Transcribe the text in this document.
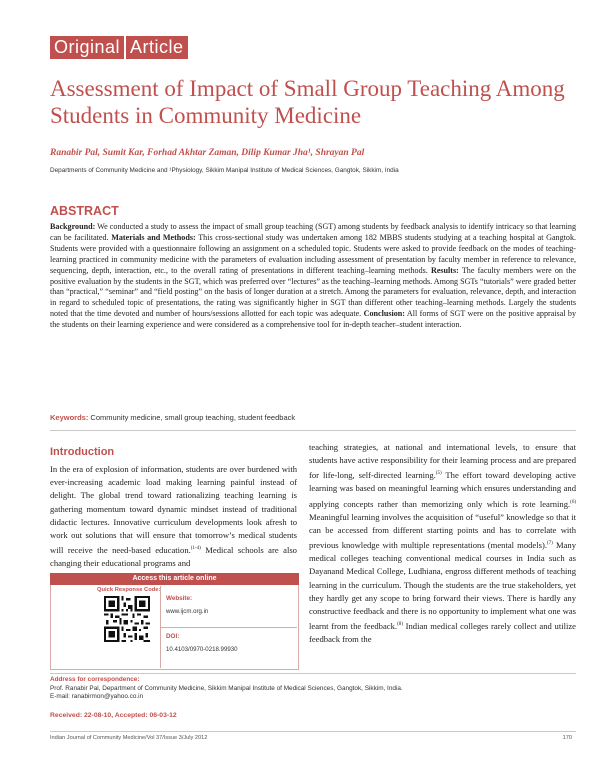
Original Article
Assessment of Impact of Small Group Teaching Among Students in Community Medicine
Ranabir Pal, Sumit Kar, Forhad Akhtar Zaman, Dilip Kumar Jha¹, Shrayan Pal
Departments of Community Medicine and ¹Physiology, Sikkim Manipal Institute of Medical Sciences, Gangtok, Sikkim, India
ABSTRACT
Background: We conducted a study to assess the impact of small group teaching (SGT) among students by feedback analysis to identify intricacy so that learning can be facilitated. Materials and Methods: This cross-sectional study was undertaken among 182 MBBS students studying at a teaching hospital at Gangtok. Students were provided with a questionnaire following an assignment on a scheduled topic. Students were asked to provide feedback on the modes of teaching-learning practiced in community medicine with the parameters of evaluation including assessment of presentation by faculty member in reference to relevance, sequencing, depth, interaction, etc., to the overall rating of presentations in different teaching–learning methods. Results: The faculty members were on the positive evaluation by the students in the SGT, which was preferred over “lectures” as the teaching–learning methods. Among SGTs “tutorials” were graded better than “practical,” “seminar” and “field posting” on the basis of longer duration at a stretch. Among the parameters for evaluation, relevance, depth, and interaction in regard to scheduled topic of presentations, the rating was significantly higher in SGT than different other teaching–learning methods. Largely the students noted that the time devoted and number of hours/sessions allotted for each topic was adequate. Conclusion: All forms of SGT were on the positive appraisal by the students on their learning experience and were considered as a comprehensive tool for in-depth teacher–student interaction.
Keywords: Community medicine, small group teaching, student feedback
Introduction
In the era of explosion of information, students are over burdened with ever-increasing academic load making learning painful instead of delight. The global trend toward rationalizing teaching learning is gathering momentum toward dynamic mindset instead of traditional didactic lectures. Innovative curriculum developments look afresh to work out solutions that will ensure that tomorrow’s medical students will receive the need-based education.$^{(1-4)}$ Medical schools are also changing their educational programs and
teaching strategies, at national and international levels, to ensure that students have active responsibility for their learning process and are prepared for life-long, self-directed learning.$^{(5)}$ The effort toward developing active learning was based on meaningful learning which ensures understanding and applying concepts rather than memorizing only which is rote learning.$^{(6)}$ Meaningful learning involves the acquisition of “useful” knowledge so that it can be accessed from different starting points and has to correlate with previous knowledge with multiple representations (mental models).$^{(7)}$ Many medical colleges teaching conventional medical courses in India such as Dayanand Medical College, Ludhiana, engross different methods of teaching learning in the curriculum. Though the students are the true stakeholders, yet they hardly get any scope to bring forward their views. There is hardly any constructive feedback and there is no opportunity to implement what one was learnt from the feedback.$^{(8)}$ Indian medical colleges rarely collect and utilize feedback from the
Access this article online
Quick Response Code:
Website:
www.ijcm.org.in
DOI:
10.4103/0970-0218.99930
Address for correspondence:
Prof. Ranabir Pal, Department of Community Medicine, Sikkim Manipal Institute of Medical Sciences, Gangtok, Sikkim, India.
E-mail: ranabirmon@yahoo.co.in
Received: 22-08-10, Accepted: 06-03-12
Indian Journal of Community Medicine/Vol 37/Issue 3/July 2012	170
